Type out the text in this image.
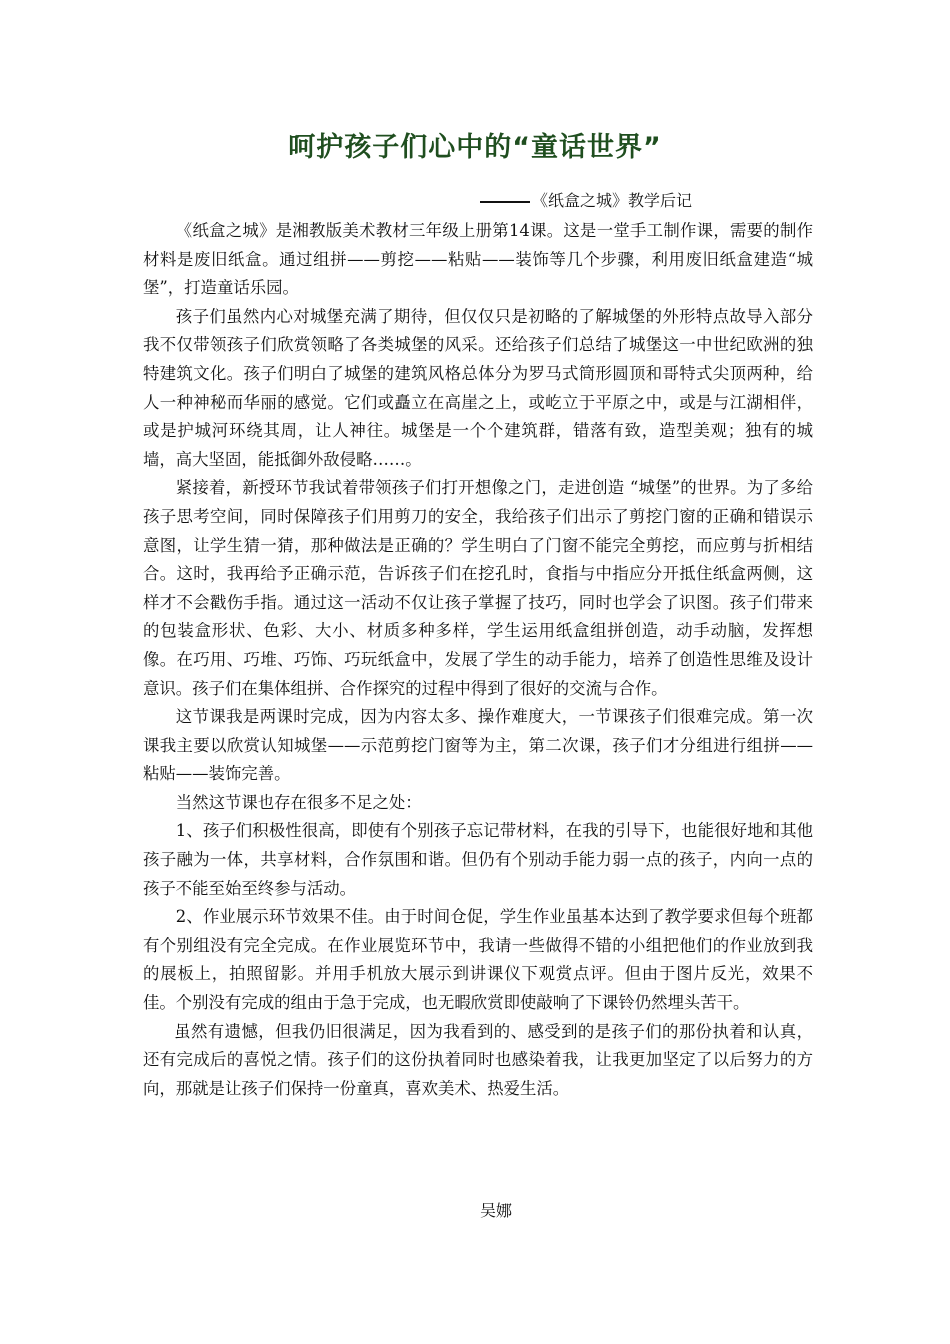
呵护孩子们心中的“童话世界”
《纸盒之城》教学后记

《纸盒之城》是湘教版美术教材三年级上册第14课。这是一堂手工制作课，需要的制作材料是废旧纸盒。通过组拼——剪挖——粘贴——装饰等几个步骤，利用废旧纸盒建造“城堡”，打造童话乐园。

孩子们虽然内心对城堡充满了期待，但仅仅只是初略的了解城堡的外形特点故导入部分我不仅带领孩子们欣赏领略了各类城堡的风采。还给孩子们总结了城堡这一中世纪欧洲的独特建筑文化。孩子们明白了城堡的建筑风格总体分为罗马式筒形圆顶和哥特式尖顶两种，给人一种神秘而华丽的感觉。它们或矗立在高崖之上，或屹立于平原之中，或是与江湖相伴，或是护城河环绕其周，让人神往。城堡是一个个建筑群，错落有致，造型美观；独有的城墙，高大坚固，能抵御外敌侵略……。

紧接着，新授环节我试着带领孩子们打开想像之门，走进创造 “城堡”的世界。为了多给孩子思考空间，同时保障孩子们用剪刀的安全，我给孩子们出示了剪挖门窗的正确和错误示意图，让学生猜一猜，那种做法是正确的？学生明白了门窗不能完全剪挖，而应剪与折相结合。这时，我再给予正确示范，告诉孩子们在挖孔时，食指与中指应分开抵住纸盒两侧，这样才不会戳伤手指。通过这一活动不仅让孩子掌握了技巧，同时也学会了识图。孩子们带来的包装盒形状、色彩、大小、材质多种多样，学生运用纸盒组拼创造，动手动脑，发挥想像。在巧用、巧堆、巧饰、巧玩纸盒中，发展了学生的动手能力，培养了创造性思维及设计意识。孩子们在集体组拼、合作探究的过程中得到了很好的交流与合作。

这节课我是两课时完成，因为内容太多、操作难度大，一节课孩子们很难完成。第一次课我主要以欣赏认知城堡——示范剪挖门窗等为主，第二次课，孩子们才分组进行组拼——粘贴——装饰完善。

当然这节课也存在很多不足之处：

1、孩子们积极性很高，即使有个别孩子忘记带材料，在我的引导下，也能很好地和其他孩子融为一体，共享材料，合作氛围和谐。但仍有个别动手能力弱一点的孩子，内向一点的孩子不能至始至终参与活动。

2、作业展示环节效果不佳。由于时间仓促，学生作业虽基本达到了教学要求但每个班都有个别组没有完全完成。在作业展览环节中，我请一些做得不错的小组把他们的作业放到我的展板上，拍照留影。并用手机放大展示到讲课仪下观赏点评。但由于图片反光，效果不佳。个别没有完成的组由于急于完成，也无暇欣赏即使敲响了下课铃仍然埋头苦干。

虽然有遗憾，但我仍旧很满足，因为我看到的、感受到的是孩子们的那份执着和认真，还有完成后的喜悦之情。孩子们的这份执着同时也感染着我，让我更加坚定了以后努力的方向，那就是让孩子们保持一份童真，喜欢美术、热爱生活。

吴娜
